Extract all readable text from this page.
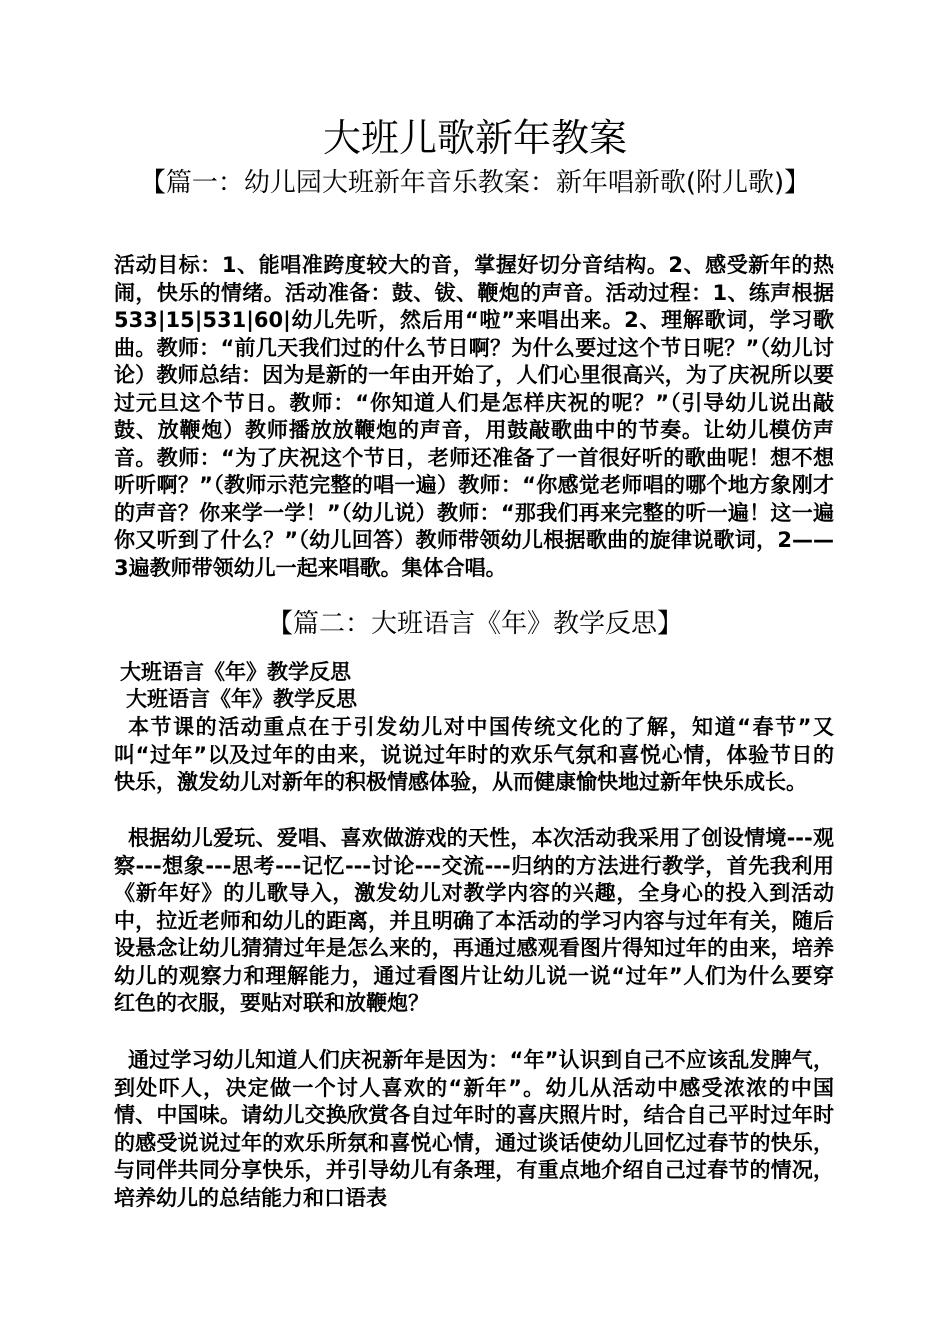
大班儿歌新年教案
【篇一：幼儿园大班新年音乐教案：新年唱新歌(附儿歌)】

活动目标：1、能唱准跨度较大的音，掌握好切分音结构。2、感受新年的热闹，快乐的情绪。活动准备：鼓、钹、鞭炮的声音。活动过程：1、练声根据533|15|531|60|幼儿先听，然后用“啦”来唱出来。2、理解歌词，学习歌曲。教师：“前几天我们过的什么节日啊？为什么要过这个节日呢？”（幼儿讨论）教师总结：因为是新的一年由开始了，人们心里很高兴，为了庆祝所以要过元旦这个节日。教师：“你知道人们是怎样庆祝的呢？”（引导幼儿说出敲鼓、放鞭炮）教师播放放鞭炮的声音，用鼓敲歌曲中的节奏。让幼儿模仿声音。教师：“为了庆祝这个节日，老师还准备了一首很好听的歌曲呢！想不想听听啊？”（教师示范完整的唱一遍）教师：“你感觉老师唱的哪个地方象刚才的声音？你来学一学！”（幼儿说）教师：“那我们再来完整的听一遍！这一遍你又听到了什么？”（幼儿回答）教师带领幼儿根据歌曲的旋律说歌词，2——3遍教师带领幼儿一起来唱歌。集体合唱。

【篇二：大班语言《年》教学反思】
大班语言《年》教学反思
大班语言《年》教学反思

本节课的活动重点在于引发幼儿对中国传统文化的了解，知道“春节”又叫“过年”以及过年的由来，说说过年时的欢乐气氛和喜悦心情，体验节日的快乐，激发幼儿对新年的积极情感体验，从而健康愉快地过新年快乐成长。

根据幼儿爱玩、爱唱、喜欢做游戏的天性，本次活动我采用了创设情境---观察---想象---思考---记忆---讨论---交流---归纳的方法进行教学，首先我利用《新年好》的儿歌导入，激发幼儿对教学内容的兴趣，全身心的投入到活动中，拉近老师和幼儿的距离，并且明确了本活动的学习内容与过年有关，随后设悬念让幼儿猜猜过年是怎么来的，再通过感观看图片得知过年的由来，培养幼儿的观察力和理解能力，通过看图片让幼儿说一说“过年”人们为什么要穿红色的衣服，要贴对联和放鞭炮？

通过学习幼儿知道人们庆祝新年是因为：“年”认识到自己不应该乱发脾气，到处吓人，决定做一个讨人喜欢的“新年”。幼儿从活动中感受浓浓的中国情、中国味。请幼儿交换欣赏各自过年时的喜庆照片时，结合自己平时过年时的感受说说过年的欢乐所氛和喜悦心情，通过谈话使幼儿回忆过春节的快乐，与同伴共同分享快乐，并引导幼儿有条理，有重点地介绍自己过春节的情况，培养幼儿的总结能力和口语表
